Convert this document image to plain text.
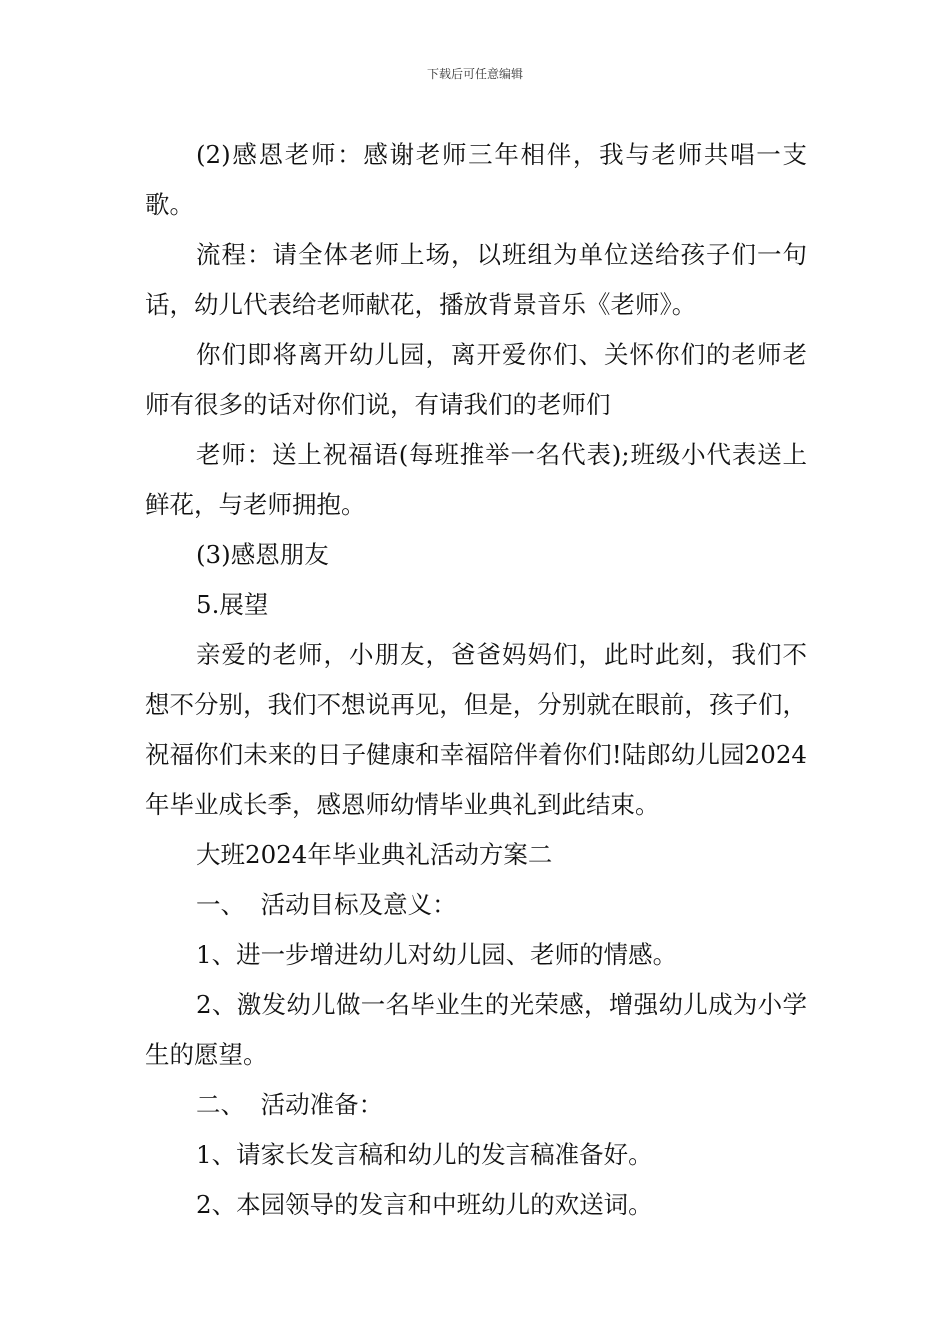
下载后可任意编辑

(2)感恩老师：感谢老师三年相伴，我与老师共唱一支歌。

流程：请全体老师上场，以班组为单位送给孩子们一句话，幼儿代表给老师献花，播放背景音乐《老师》。

你们即将离开幼儿园，离开爱你们、关怀你们的老师老师有很多的话对你们说，有请我们的老师们

老师：送上祝福语(每班推举一名代表);班级小代表送上鲜花，与老师拥抱。

(3)感恩朋友

5.展望

亲爱的老师，小朋友，爸爸妈妈们，此时此刻，我们不想不分别，我们不想说再见，但是，分别就在眼前，孩子们，祝福你们未来的日子健康和幸福陪伴着你们!陆郎幼儿园2024年毕业成长季，感恩师幼情毕业典礼到此结束。

大班2024年毕业典礼活动方案二

一、  活动目标及意义：

1、进一步增进幼儿对幼儿园、老师的情感。

2、激发幼儿做一名毕业生的光荣感，增强幼儿成为小学生的愿望。

二、  活动准备：

1、请家长发言稿和幼儿的发言稿准备好。

2、本园领导的发言和中班幼儿的欢送词。
